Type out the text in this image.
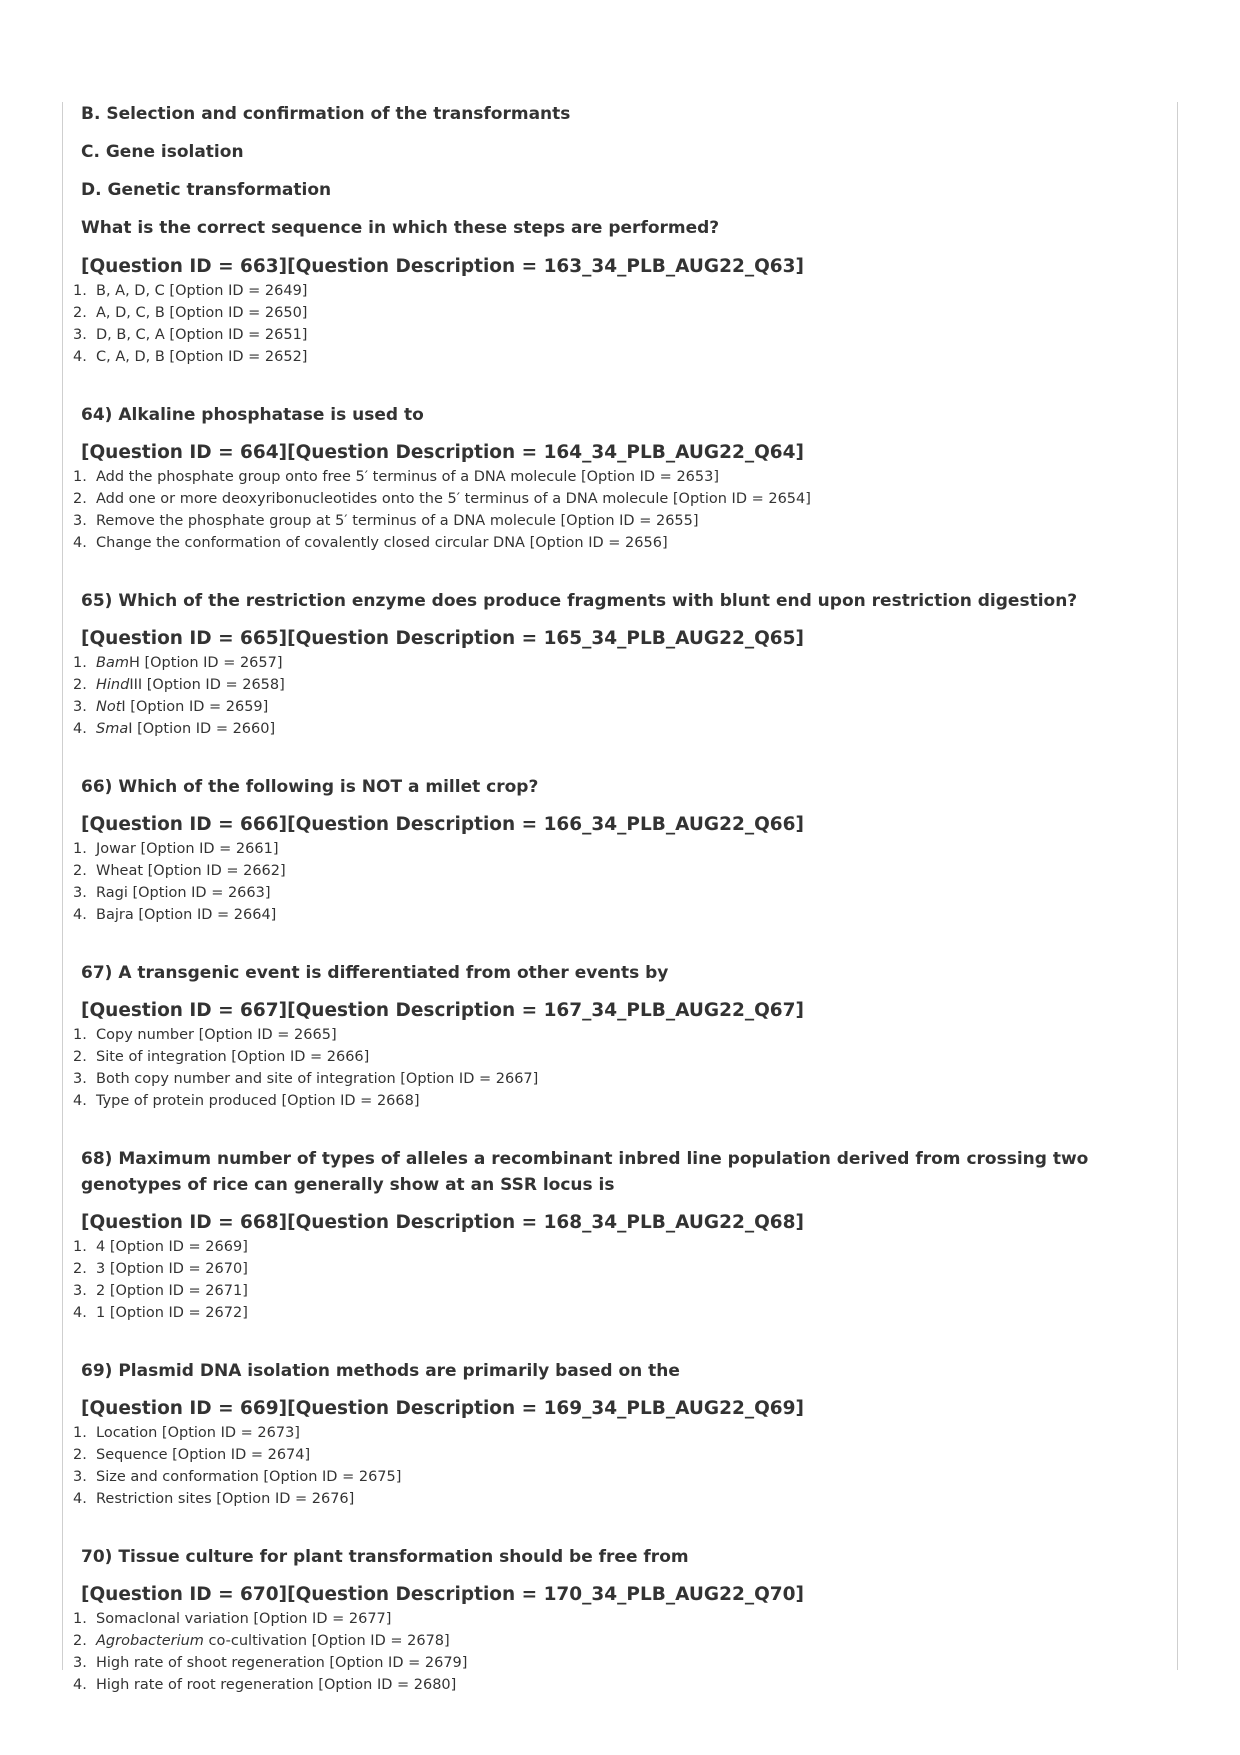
B. Selection and confirmation of the transformants
C. Gene isolation
D. Genetic transformation
What is the correct sequence in which these steps are performed?
[Question ID = 663][Question Description = 163_34_PLB_AUG22_Q63]
1. B, A, D, C [Option ID = 2649]
2. A, D, C, B [Option ID = 2650]
3. D, B, C, A [Option ID = 2651]
4. C, A, D, B [Option ID = 2652]
64) Alkaline phosphatase is used to
[Question ID = 664][Question Description = 164_34_PLB_AUG22_Q64]
1. Add the phosphate group onto free 5′ terminus of a DNA molecule [Option ID = 2653]
2. Add one or more deoxyribonucleotides onto the 5′ terminus of a DNA molecule [Option ID = 2654]
3. Remove the phosphate group at 5′ terminus of a DNA molecule [Option ID = 2655]
4. Change the conformation of covalently closed circular DNA [Option ID = 2656]
65) Which of the restriction enzyme does produce fragments with blunt end upon restriction digestion?
[Question ID = 665][Question Description = 165_34_PLB_AUG22_Q65]
1. BamH [Option ID = 2657]
2. HindIII [Option ID = 2658]
3. NotI [Option ID = 2659]
4. SmaI [Option ID = 2660]
66) Which of the following is NOT a millet crop?
[Question ID = 666][Question Description = 166_34_PLB_AUG22_Q66]
1. Jowar [Option ID = 2661]
2. Wheat [Option ID = 2662]
3. Ragi [Option ID = 2663]
4. Bajra [Option ID = 2664]
67) A transgenic event is differentiated from other events by
[Question ID = 667][Question Description = 167_34_PLB_AUG22_Q67]
1. Copy number [Option ID = 2665]
2. Site of integration [Option ID = 2666]
3. Both copy number and site of integration [Option ID = 2667]
4. Type of protein produced [Option ID = 2668]
68) Maximum number of types of alleles a recombinant inbred line population derived from crossing two genotypes of rice can generally show at an SSR locus is
[Question ID = 668][Question Description = 168_34_PLB_AUG22_Q68]
1. 4 [Option ID = 2669]
2. 3 [Option ID = 2670]
3. 2 [Option ID = 2671]
4. 1 [Option ID = 2672]
69) Plasmid DNA isolation methods are primarily based on the
[Question ID = 669][Question Description = 169_34_PLB_AUG22_Q69]
1. Location [Option ID = 2673]
2. Sequence [Option ID = 2674]
3. Size and conformation [Option ID = 2675]
4. Restriction sites [Option ID = 2676]
70) Tissue culture for plant transformation should be free from
[Question ID = 670][Question Description = 170_34_PLB_AUG22_Q70]
1. Somaclonal variation [Option ID = 2677]
2. Agrobacterium co-cultivation [Option ID = 2678]
3. High rate of shoot regeneration [Option ID = 2679]
4. High rate of root regeneration [Option ID = 2680]
